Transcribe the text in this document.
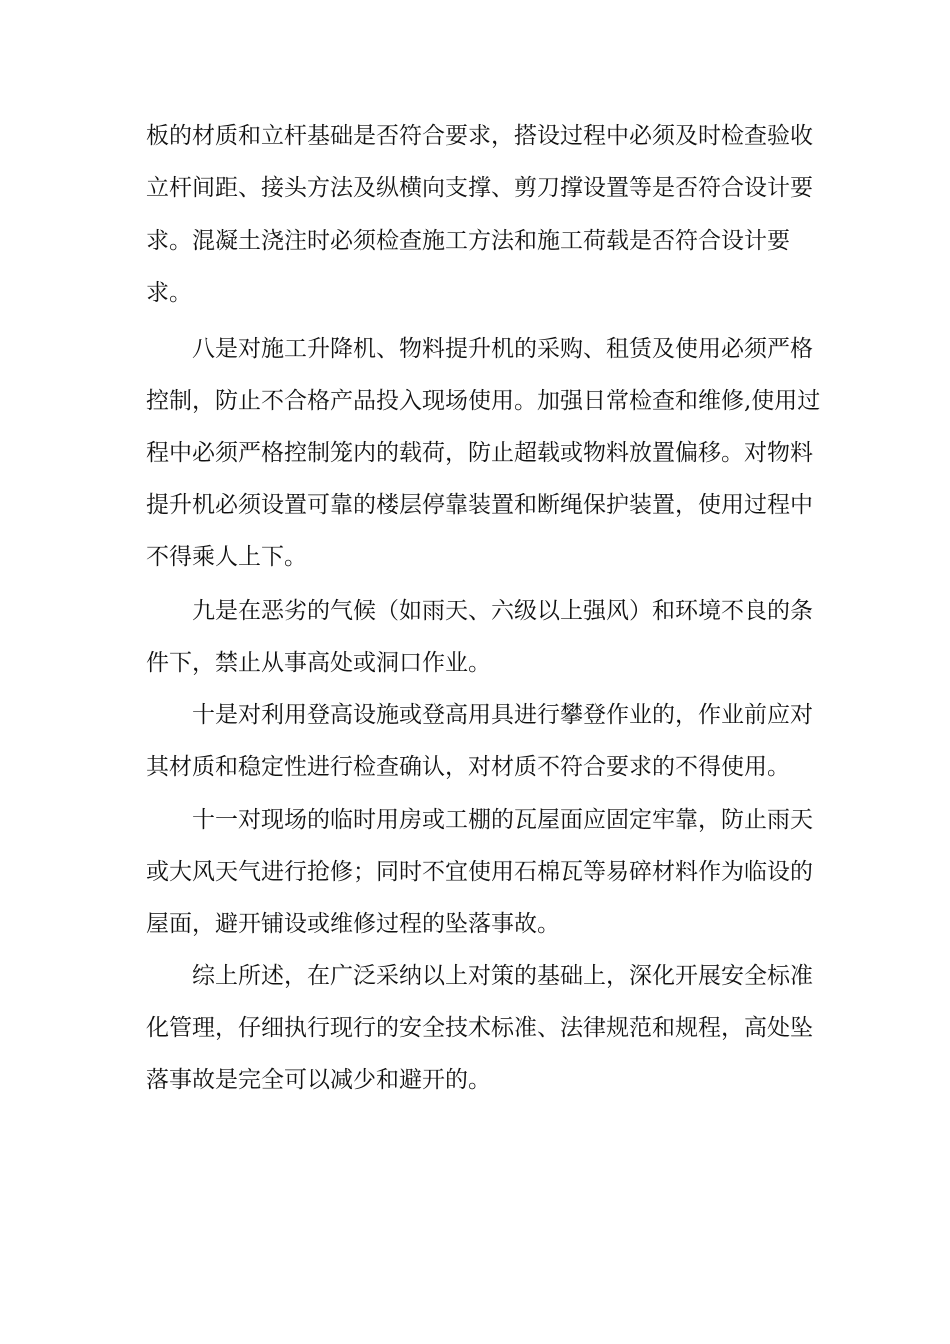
板的材质和立杆基础是否符合要求，搭设过程中必须及时检查验收
立杆间距、接头方法及纵横向支撑、剪刀撑设置等是否符合设计要
求。混凝土浇注时必须检查施工方法和施工荷载是否符合设计要
求。
八是对施工升降机、物料提升机的采购、租赁及使用必须严格
控制，防止不合格产品投入现场使用。加强日常检查和维修,使用过
程中必须严格控制笼内的载荷，防止超载或物料放置偏移。对物料
提升机必须设置可靠的楼层停靠装置和断绳保护装置，使用过程中
不得乘人上下。
九是在恶劣的气候（如雨天、六级以上强风）和环境不良的条
件下，禁止从事高处或洞口作业。
十是对利用登高设施或登高用具进行攀登作业的，作业前应对
其材质和稳定性进行检查确认，对材质不符合要求的不得使用。
十一对现场的临时用房或工棚的瓦屋面应固定牢靠，防止雨天
或大风天气进行抢修；同时不宜使用石棉瓦等易碎材料作为临设的
屋面，避开铺设或维修过程的坠落事故。
综上所述，在广泛采纳以上对策的基础上，深化开展安全标准
化管理，仔细执行现行的安全技术标准、法律规范和规程，高处坠
落事故是完全可以减少和避开的。
